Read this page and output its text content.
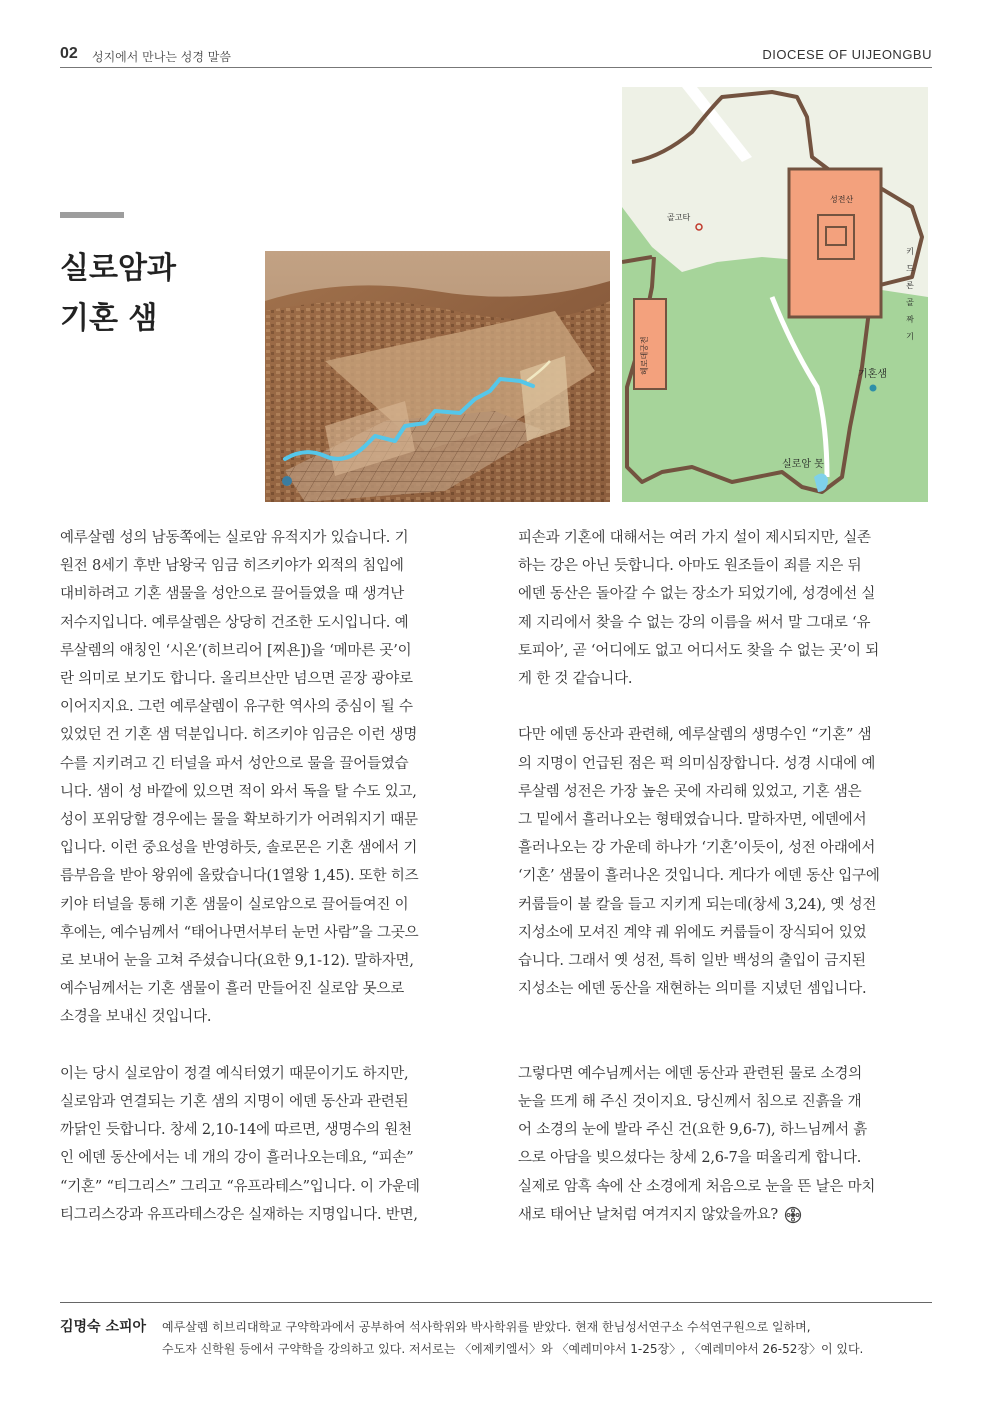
02 성지에서 만나는 성경 말씀	DIOCESE OF UIJEONGBU
실로암과
기혼 샘
성전산
골고타
헤로데궁전	기혼샘
실로암 못
키드론골짜기

예루살렘 성의 남동쪽에는 실로암 유적지가 있습니다. 기

원전 8세기 후반 남왕국 임금 히즈키야가 외적의 침입에

대비하려고 기혼 샘물을 성안으로 끌어들였을 때 생겨난

저수지입니다. 예루살렘은 상당히 건조한 도시입니다. 예

루살렘의 애칭인 ‘시온’(히브리어 [찌욘])을 ‘메마른 곳’이

란 의미로 보기도 합니다. 올리브산만 넘으면 곧장 광야로

이어지지요. 그런 예루살렘이 유구한 역사의 중심이 될 수

있었던 건 기혼 샘 덕분입니다. 히즈키야 임금은 이런 생명

수를 지키려고 긴 터널을 파서 성안으로 물을 끌어들였습

니다. 샘이 성 바깥에 있으면 적이 와서 독을 탈 수도 있고,

성이 포위당할 경우에는 물을 확보하기가 어려워지기 때문

입니다. 이런 중요성을 반영하듯, 솔로몬은 기혼 샘에서 기

름부음을 받아 왕위에 올랐습니다(1열왕 1,45). 또한 히즈

키야 터널을 통해 기혼 샘물이 실로암으로 끌어들여진 이

후에는, 예수님께서 “태어나면서부터 눈먼 사람”을 그곳으

로 보내어 눈을 고쳐 주셨습니다(요한 9,1-12). 말하자면,

예수님께서는 기혼 샘물이 흘러 만들어진 실로암 못으로

소경을 보내신 것입니다.

이는 당시 실로암이 정결 예식터였기 때문이기도 하지만,

실로암과 연결되는 기혼 샘의 지명이 에덴 동산과 관련된

까닭인 듯합니다. 창세 2,10-14에 따르면, 생명수의 원천

인 에덴 동산에서는 네 개의 강이 흘러나오는데요, “피손”

“기혼” “티그리스” 그리고 “유프라테스”입니다. 이 가운데

티그리스강과 유프라테스강은 실재하는 지명입니다. 반면,

피손과 기혼에 대해서는 여러 가지 설이 제시되지만, 실존

하는 강은 아닌 듯합니다. 아마도 원조들이 죄를 지은 뒤

에덴 동산은 돌아갈 수 없는 장소가 되었기에, 성경에선 실

제 지리에서 찾을 수 없는 강의 이름을 써서 말 그대로 ‘유

토피아’, 곧 ‘어디에도 없고 어디서도 찾을 수 없는 곳’이 되

게 한 것 같습니다.

다만 에덴 동산과 관련해, 예루살렘의 생명수인 “기혼” 샘

의 지명이 언급된 점은 퍽 의미심장합니다. 성경 시대에 예

루살렘 성전은 가장 높은 곳에 자리해 있었고, 기혼 샘은

그 밑에서 흘러나오는 형태였습니다. 말하자면, 에덴에서

흘러나오는 강 가운데 하나가 ‘기혼’이듯이, 성전 아래에서

‘기혼’ 샘물이 흘러나온 것입니다. 게다가 에덴 동산 입구에

커룹들이 불 칼을 들고 지키게 되는데(창세 3,24), 옛 성전

지성소에 모셔진 계약 궤 위에도 커룹들이 장식되어 있었

습니다. 그래서 옛 성전, 특히 일반 백성의 출입이 금지된

지성소는 에덴 동산을 재현하는 의미를 지녔던 셈입니다.

그렇다면 예수님께서는 에덴 동산과 관련된 물로 소경의

눈을 뜨게 해 주신 것이지요. 당신께서 침으로 진흙을 개

어 소경의 눈에 발라 주신 건(요한 9,6-7), 하느님께서 흙

으로 아담을 빚으셨다는 창세 2,6-7을 떠올리게 합니다.

실제로 암흑 속에 산 소경에게 처음으로 눈을 뜬 날은 마치

새로 태어난 날처럼 여겨지지 않았을까요?

김명숙 소피아 예루살렘 히브리대학교 구약학과에서 공부하여 석사학위와 박사학위를 받았다. 현재 한님성서연구소 수석연구원으로 일하며,

수도자 신학원 등에서 구약학을 강의하고 있다. 저서로는 〈에제키엘서〉와 〈예레미야서 1-25장〉, 〈예레미야서 26-52장〉이 있다.
